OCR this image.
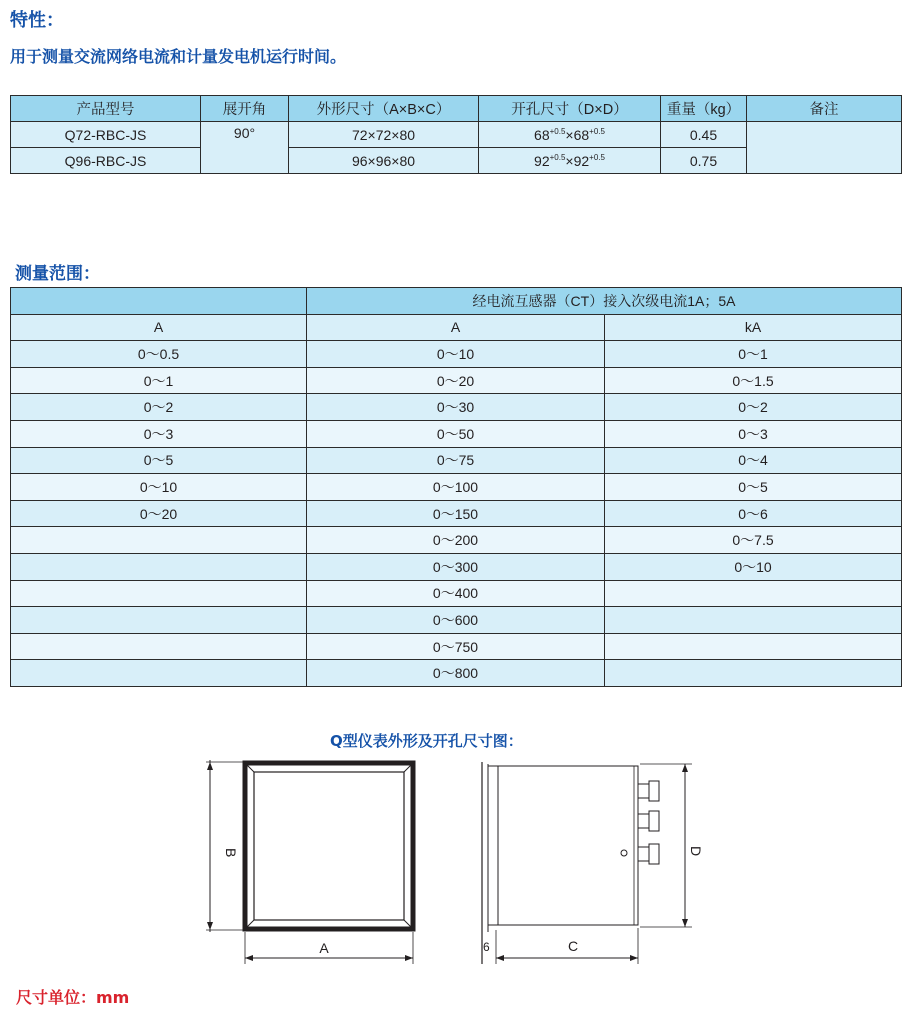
特性：
用于测量交流网络电流和计量发电机运行时间。
产品型号	展开角	外形尺寸（A×B×C）	开孔尺寸（D×D）	重量（kg）	备注
Q72-RBC-JS	90°	72×72×80	$68^{+0.5}\times 68^{+0.5}$	0.45	
Q96-RBC-JS		96×96×80	$92^{+0.5}\times 92^{+0.5}$	0.75	
测量范围：
	经电流互感器（CT）接入次级电流1A；5A	
A	A	kA
0～0.5	0～10	0～1
0～1	0～20	0～1.5
0～2	0～30	0～2
0～3	0～50	0～3
0～5	0～75	0～4
0～10	0～100	0～5
0～20	0～150	0～6
	0～200	0～7.5
	0～300	0～10
	0～400	
	0～600	
	0～750	
	0～800	
Q型仪表外形及开孔尺寸图：
B
A
D
C
6
尺寸单位：mm
